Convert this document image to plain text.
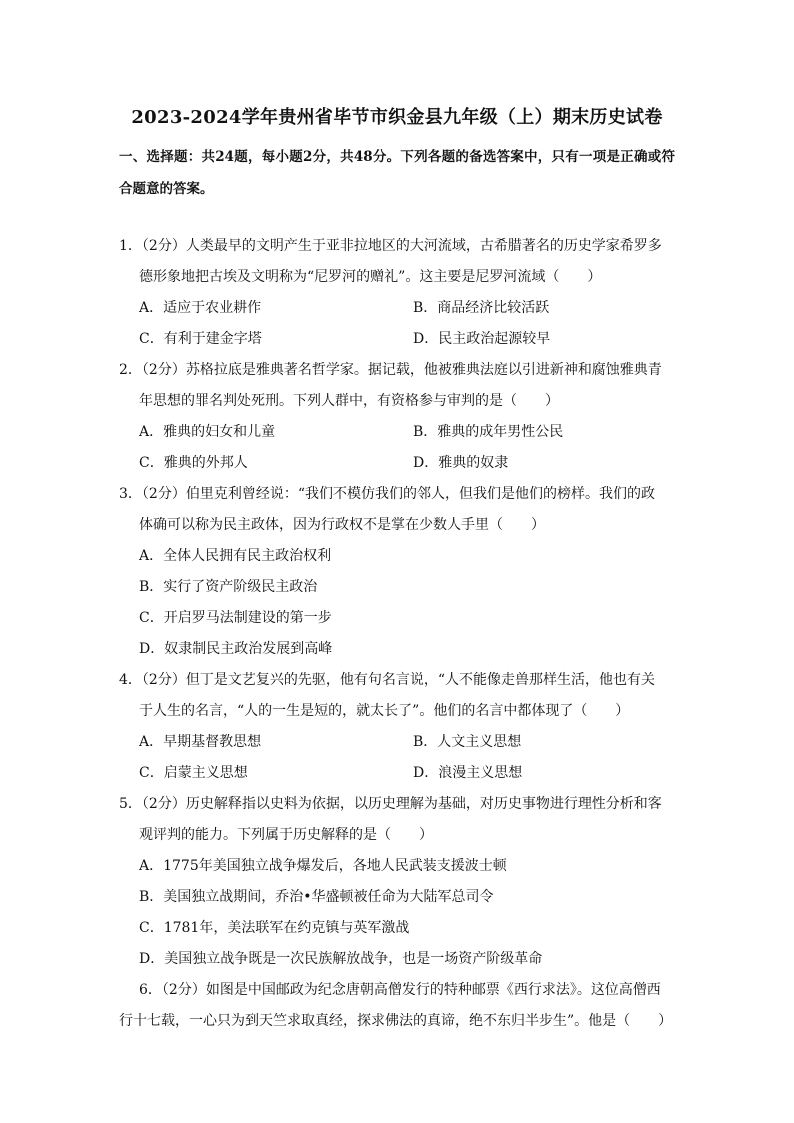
2023-2024学年贵州省毕节市织金县九年级（上）期末历史试卷
一、选择题：共24题，每小题2分，共48分。下列各题的备选答案中，只有一项是正确或符合题意的答案。
1．（2分）人类最早的文明产生于亚非拉地区的大河流域，古希腊著名的历史学家希罗多
德形象地把古埃及文明称为“尼罗河的赠礼”。这主要是尼罗河流域（　　）
A．适应于农业耕作	B．商品经济比较活跃
C．有利于建金字塔	D．民主政治起源较早
2．（2分）苏格拉底是雅典著名哲学家。据记载，他被雅典法庭以引进新神和腐蚀雅典青
年思想的罪名判处死刑。下列人群中，有资格参与审判的是（　　）
A．雅典的妇女和儿童	B．雅典的成年男性公民
C．雅典的外邦人	D．雅典的奴隶
3．（2分）伯里克利曾经说：“我们不模仿我们的邻人，但我们是他们的榜样。我们的政
体确可以称为民主政体，因为行政权不是掌在少数人手里（　　）
A．全体人民拥有民主政治权利
B．实行了资产阶级民主政治
C．开启罗马法制建设的第一步
D．奴隶制民主政治发展到高峰
4．（2分）但丁是文艺复兴的先驱，他有句名言说，“人不能像走兽那样生活，他也有关
于人生的名言，“人的一生是短的，就太长了”。他们的名言中都体现了（　　）
A．早期基督教思想	B．人文主义思想
C．启蒙主义思想	D．浪漫主义思想
5．（2分）历史解释指以史料为依据，以历史理解为基础，对历史事物进行理性分析和客
观评判的能力。下列属于历史解释的是（　　）
A．1775年美国独立战争爆发后，各地人民武装支援波士顿
B．美国独立战期间，乔治•华盛顿被任命为大陆军总司令
C．1781年，美法联军在约克镇与英军激战
D．美国独立战争既是一次民族解放战争，也是一场资产阶级革命
6．（2分）如图是中国邮政为纪念唐朝高僧发行的特种邮票《西行求法》。这位高僧西
行十七载，一心只为到天竺求取真经，探求佛法的真谛，绝不东归半步生”。他是（　　）
